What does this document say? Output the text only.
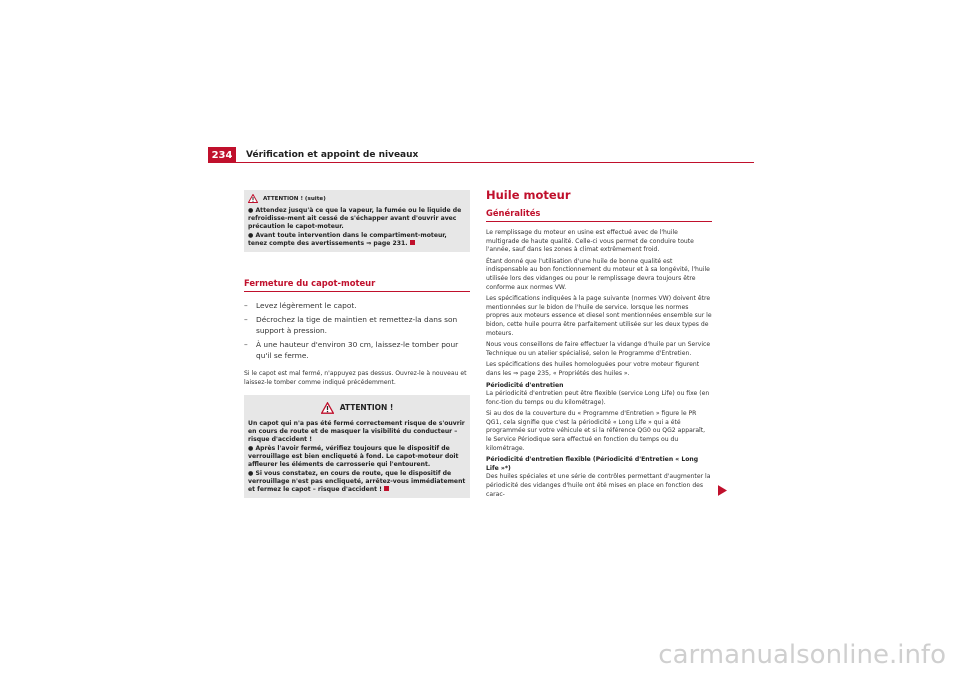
234	Vérification et appoint de niveaux
ATTENTION ! (suite)
● Attendez jusqu'à ce que la vapeur, la fumée ou le liquide de refroidisse-ment ait cessé de s'échapper avant d'ouvrir avec précaution le capot-moteur.
● Avant toute intervention dans le compartiment-moteur, tenez compte des avertissements ⇒ page 231.
Fermeture du capot-moteur
–	Levez légèrement le capot.
–	Décrochez la tige de maintien et remettez-la dans son support à pression.
–	À une hauteur d'environ 30 cm, laissez-le tomber pour qu'il se ferme.
Si le capot est mal fermé, n'appuyez pas dessus. Ouvrez-le à nouveau et laissez-le tomber comme indiqué précédemment.
ATTENTION !
Un capot qui n'a pas été fermé correctement risque de s'ouvrir en cours de route et de masquer la visibilité du conducteur – risque d'accident !
● Après l'avoir fermé, vérifiez toujours que le dispositif de verrouillage est bien encliqueté à fond. Le capot-moteur doit affleurer les éléments de carrosserie qui l'entourent.
● Si vous constatez, en cours de route, que le dispositif de verrouillage n'est pas encliqueté, arrêtez-vous immédiatement et fermez le capot – risque d'accident !
Huile moteur
Généralités

Le remplissage du moteur en usine est effectué avec de l'huile multigrade de haute qualité. Celle-ci vous permet de conduire toute l'année, sauf dans les zones à climat extrêmement froid.

Étant donné que l'utilisation d'une huile de bonne qualité est indispensable au bon fonctionnement du moteur et à sa longévité, l'huile utilisée lors des vidanges ou pour le remplissage devra toujours être conforme aux normes VW.

Les spécifications indiquées à la page suivante (normes VW) doivent être mentionnées sur le bidon de l'huile de service. lorsque les normes propres aux moteurs essence et diesel sont mentionnées ensemble sur le bidon, cette huile pourra être parfaitement utilisée sur les deux types de moteurs.

Nous vous conseillons de faire effectuer la vidange d'huile par un Service Technique ou un atelier spécialisé, selon le Programme d'Entretien.

Les spécifications des huiles homologuées pour votre moteur figurent dans les ⇒ page 235, « Propriétés des huiles ».

Périodicité d'entretien
La périodicité d'entretien peut être flexible (service Long Life) ou fixe (en fonc-tion du temps ou du kilométrage).

Si au dos de la couverture du « Programme d'Entretien » figure le PR QG1, cela signifie que c'est la périodicité « Long Life » qui a été programmée sur votre véhicule et si la référence QG0 ou QG2 apparaît, le Service Périodique sera effectué en fonction du temps ou du kilométrage.

Périodicité d'entretien flexible (Périodicité d'Entretien « Long Life »*)
Des huiles spéciales et une série de contrôles permettant d'augmenter la périodicité des vidanges d'huile ont été mises en place en fonction des carac-

carmanualsonline.info
